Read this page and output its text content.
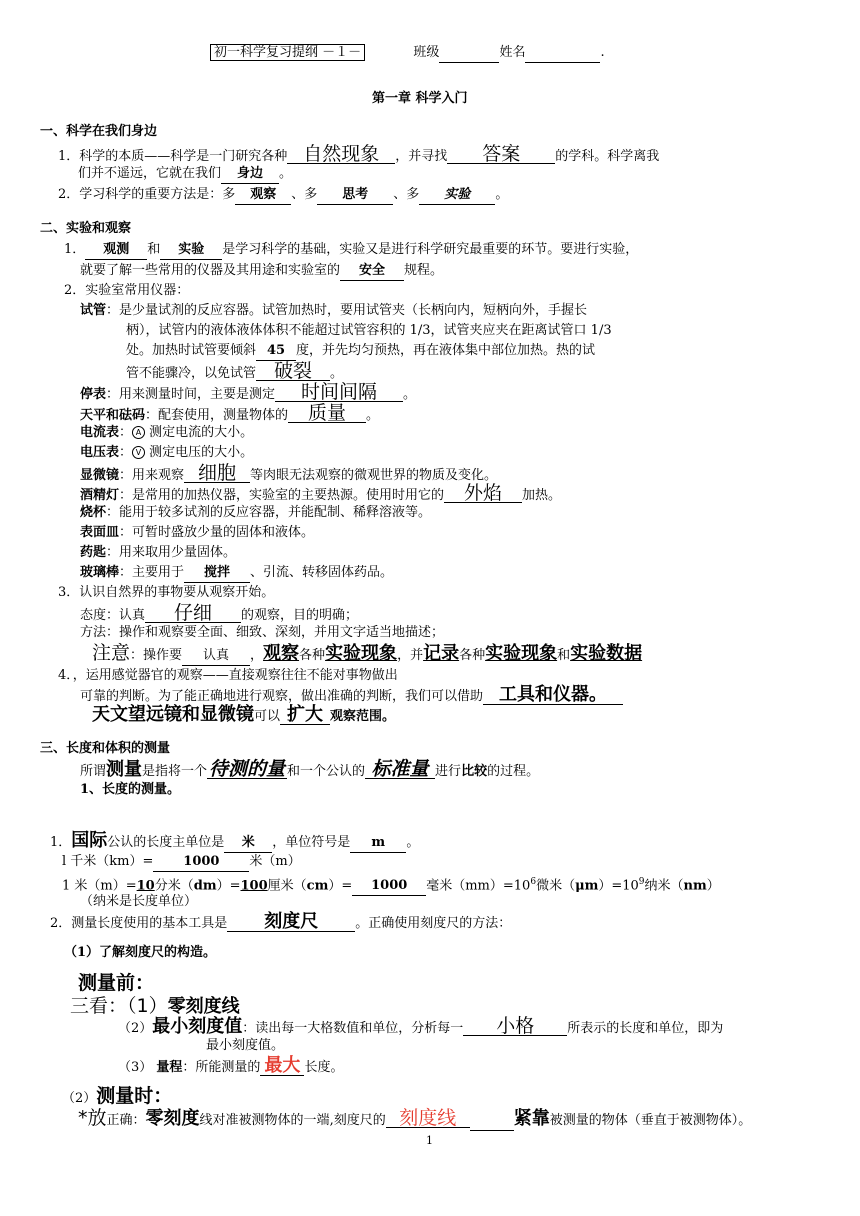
初一科学复习提纲 －１－	班级	姓名	.
第一章 科学入门
一、科学在我们身边
1．科学的本质——科学是一门研究各种 自然现象 ，并寻找 答案	的学科。科学离我
们并不遥远，它就在我们 身边 。
2．学习科学的重要方法是：多 观察 、多 思考 、多 实验 。
二、实验和观察
1． 观测 和 实验 是学习科学的基础，实验又是进行科学研究最重要的环节。要进行实验，
就要了解一些常用的仪器及其用途和实验室的 安全 规程。
2．实验室常用仪器：
试管：是少量试剂的反应容器。试管加热时，要用试管夹（长柄向内，短柄向外，手握长
柄），试管内的液体液体体积不能超过试管容积的 1/3，试管夹应夹在距离试管口 1/3
处。加热时试管要倾斜 45 度，并先均匀预热，再在液体集中部位加热。热的试
管不能骤冷，以免试管 破裂 。
停表：用来测量时间，主要是测定 时间间隔 。
天平和砝码：配套使用，测量物体的 质量 。
电流表： A 测定电流的大小。
电压表： V 测定电压的大小。
显微镜：用来观察 细胞 等肉眼无法观察的微观世界的物质及变化。
酒精灯：是常用的加热仪器，实验室的主要热源。使用时用它的 外焰 加热。
烧杯：能用于较多试剂的反应容器，并能配制、稀释溶液等。
表面皿：可暂时盛放少量的固体和液体。
药匙：用来取用少量固体。
玻璃棒：主要用于 搅拌 、引流、转移固体药品。
3．认识自然界的事物要从观察开始。
态度：认真 仔细 的观察，目的明确；
方法：操作和观察要全面、细致、深刻，并用文字适当地描述；
注意：操作要 认真 ，观察各种实验现象，并记录各种实验现象和实验数据
4．，运用感觉器官的观察——直接观察往往不能对事物做出
可靠的判断。为了能正确地进行观察，做出准确的判断，我们可以借助 工具和仪器。
天文望远镜和显微镜可以 扩大 观察范围。
三、长度和体积的测量
所谓测量是指将一个 待测的量 和一个公认的 标准量 进行比较的过程。
1、长度的测量。
1．国际公认的长度主单位是 米 ，单位符号是 m 。
l 千米（km）= 1000 米（m）
1 米（m）=10分米（dm）=100厘米（cm）= 1000 毫米$(mm)=10^6$微米$(\mu m)=10^9$纳米（nm）
（纳米是长度单位）
2．测量长度使用的基本工具是 刻度尺	。正确使用刻度尺的方法：
（1）了解刻度尺的构造。
测量前：
三看：（1）零刻度线
（2）最小刻度值：读出每一大格数值和单位，分析每一 小格	所表示的长度和单位，即为
最小刻度值。
（3） 量程：所能测量的 最大 长度。
（2）测量时：
*放正确：零刻度线对准被测物体的一端,刻度尺的 刻度线	紧靠被测量的物体（垂直于被测物体）。
1
